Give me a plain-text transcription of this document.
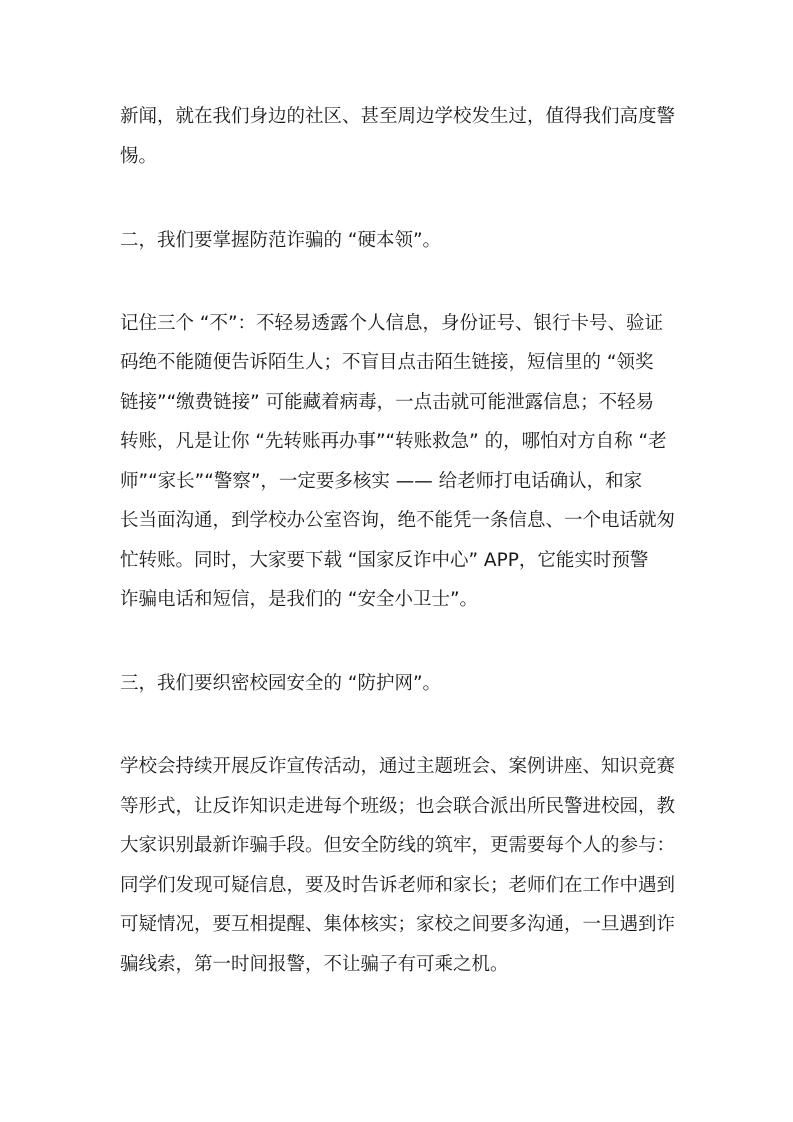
新闻，就在我们身边的社区、甚至周边学校发生过，值得我们高度警

惕。

二，我们要掌握防范诈骗的 “硬本领”。

记住三个 “不”：不轻易透露个人信息，身份证号、银行卡号、验证

码绝不能随便告诉陌生人；不盲目点击陌生链接，短信里的 “领奖

链接”“缴费链接” 可能藏着病毒，一点击就可能泄露信息；不轻易

转账，凡是让你 “先转账再办事”“转账救急” 的，哪怕对方自称 “老

师”“家长”“警察”，一定要多核实 —— 给老师打电话确认，和家

长当面沟通，到学校办公室咨询，绝不能凭一条信息、一个电话就匆

忙转账。同时，大家要下载 “国家反诈中心” APP，它能实时预警

诈骗电话和短信，是我们的 “安全小卫士”。

三，我们要织密校园安全的 “防护网”。

学校会持续开展反诈宣传活动，通过主题班会、案例讲座、知识竞赛

等形式，让反诈知识走进每个班级；也会联合派出所民警进校园，教

大家识别最新诈骗手段。但安全防线的筑牢，更需要每个人的参与：

同学们发现可疑信息，要及时告诉老师和家长；老师们在工作中遇到

可疑情况，要互相提醒、集体核实；家校之间要多沟通，一旦遇到诈

骗线索，第一时间报警，不让骗子有可乘之机。
